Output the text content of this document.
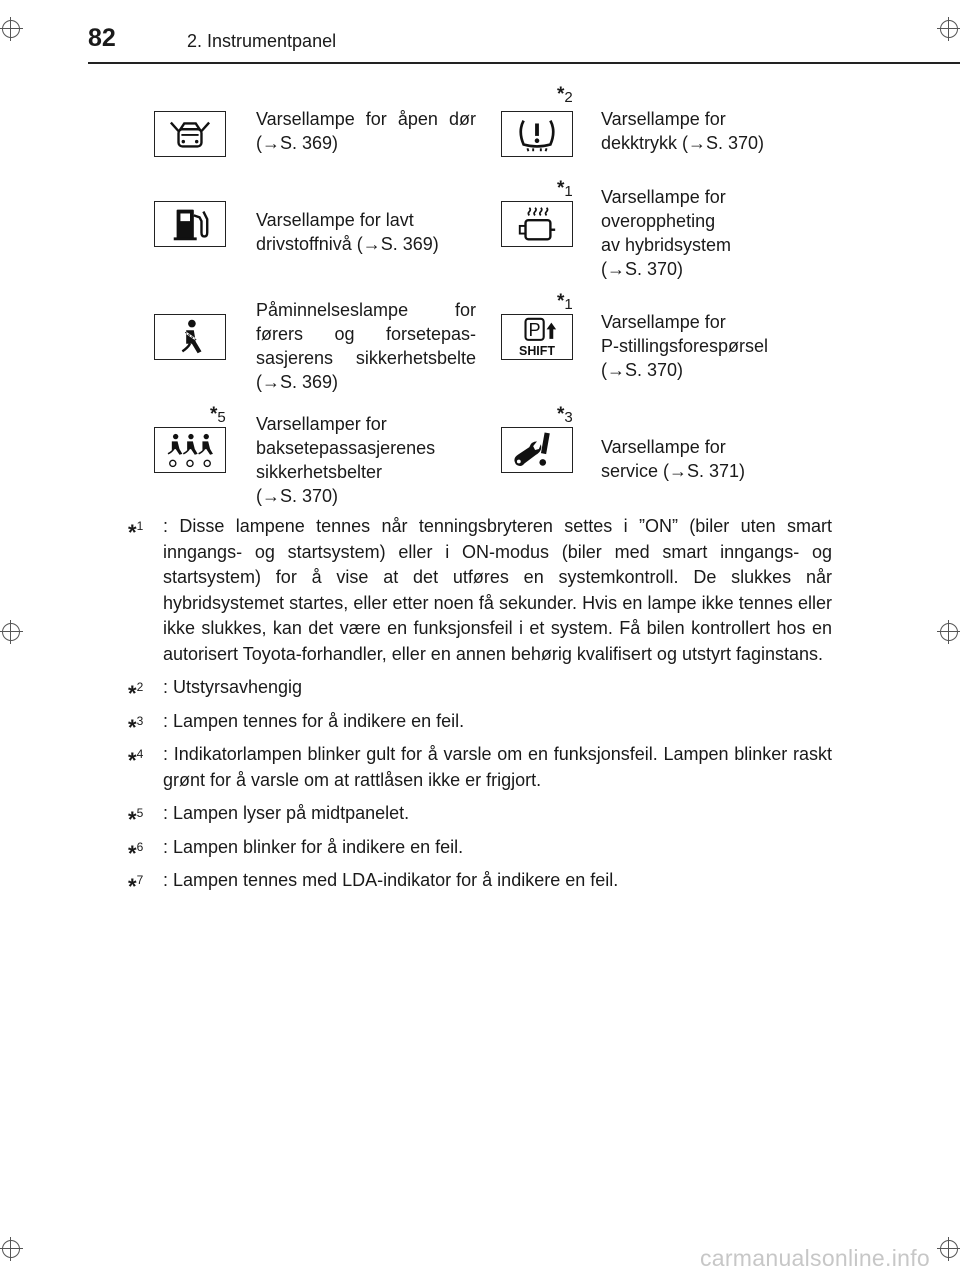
82	2. Instrumentpanel
Varsellampe for åpen dør (→S. 369)
*2
Varsellampe for
dekktrykk (→S. 370)
Varsellampe for lavt
drivstoffnivå (→S. 369)
*1 Varsellampe for
overoppheting
av hybridsystem
(→S. 370)
Påminnelseslampe for førers og forsetepas-sasjerens sikkerhetsbelte (→S. 369)
*1
P
SHIFT
Varsellampe for
P-stillingsforespørsel
(→S. 370)
*5 Varsellamper for
baksetepassasjerenes
sikkerhetsbelter
(→S. 370)
*3
Varsellampe for
service (→S. 371)
*$^1$ : Disse lampene tennes når tenningsbryteren settes i ”ON” (biler uten smart inngangs- og startsystem) eller i ON-modus (biler med smart inngangs- og startsystem) for å vise at det utføres en systemkontroll. De slukkes når hybridsystemet startes, eller etter noen få sekunder. Hvis en lampe ikke tennes eller ikke slukkes, kan det være en funksjonsfeil i et system. Få bilen kontrollert hos en autorisert Toyota-forhandler, eller en annen behørig kvalifisert og utstyrt faginstans.
*$^2$ : Utstyrsavhengig
*$^3$ : Lampen tennes for å indikere en feil.
*$^4$ : Indikatorlampen blinker gult for å varsle om en funksjonsfeil. Lampen blinker raskt grønt for å varsle om at rattlåsen ikke er frigjort.
*$^5$ : Lampen lyser på midtpanelet.
*$^6$ : Lampen blinker for å indikere en feil.
*$^7$ : Lampen tennes med LDA-indikator for å indikere en feil.
carmanualsonline.info
